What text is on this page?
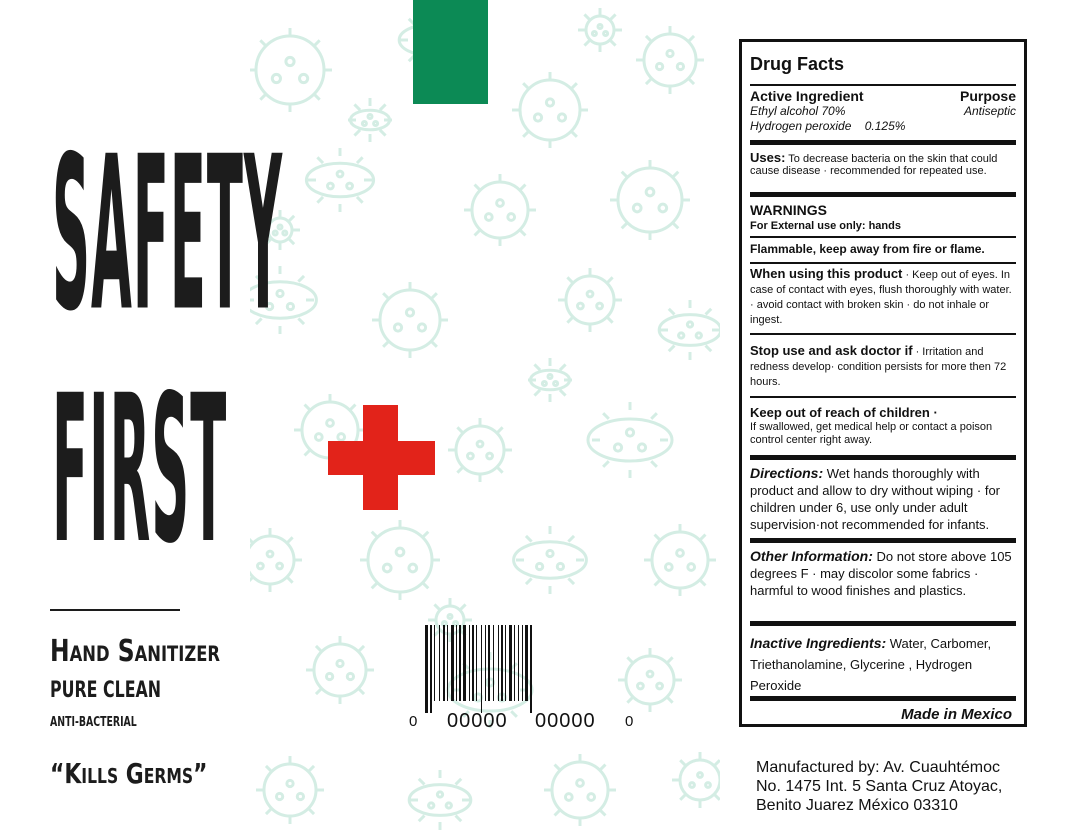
SAFETY
FIRST
Hand Sanitizer
PURE CLEAN
ANTI-BACTERIAL
“Kills Germs”
0 00000 00000 0
Drug Facts
Active Ingredient	Purpose
Ethyl alcohol 70%	Antiseptic
Hydrogen peroxide 0.125%
Uses: To decrease bacteria on the skin that could cause disease · recommended for repeated use.
WARNINGS
For External use only: hands
Flammable, keep away from fire or flame.
When using this product · Keep out of eyes. In case of contact with eyes, flush thoroughly with water. · avoid contact with broken skin · do not inhale or ingest.
Stop use and ask doctor if · Irritation and redness develop· condition persists for more then 72 hours.
Keep out of reach of children ·
If swallowed, get medical help or contact a poison control center right away.
Directions: Wet hands thoroughly with product and allow to dry without wiping · for children under 6, use only under adult supervision·not recommended for infants.
Other Information: Do not store above 105 degrees F · may discolor some fabrics · harmful to wood finishes and plastics.
Inactive Ingredients: Water, Carbomer, Triethanolamine, Glycerine , Hydrogen Peroxide
Made in Mexico
Manufactured by: Av. Cuauhtémoc
No. 1475 Int. 5 Santa Cruz Atoyac,
Benito Juarez México 03310
